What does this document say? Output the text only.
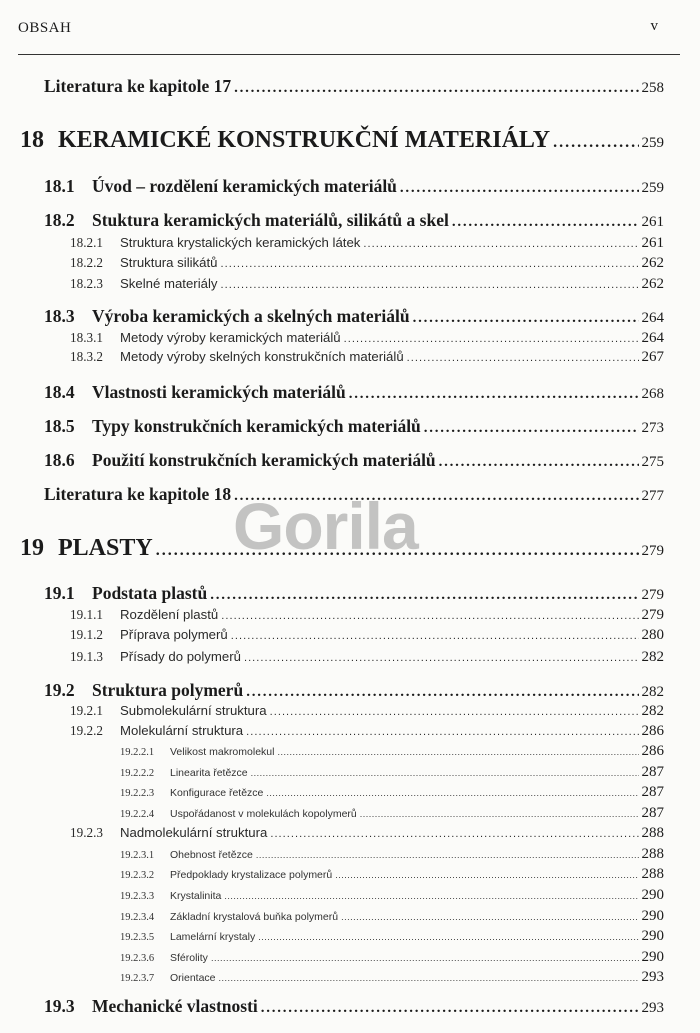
OBSAH	v
Literatura ke kapitole 17 . . .	258
18 KERAMICKÉ KONSTRUKČNÍ MATERIÁLY . . .	259
18.1 Úvod – rozdělení keramických materiálů . . .	259
18.2 Stuktura keramických materiálů, silikátů a skel . . .	261
18.2.1	Struktura krystalických keramických látek . . .	261
18.2.2	Struktura silikátů . . .	262
18.2.3	Skelné materiály . . .	262
18.3 Výroba keramických a skelných materiálů . . .	264
18.3.1	Metody výroby keramických materiálů . . .	264
18.3.2	Metody výroby skelných konstrukčních materiálů . . .	267
18.4 Vlastnosti keramických materiálů . . .	268
18.5 Typy konstrukčních keramických materiálů . . .	273
18.6 Použití konstrukčních keramických materiálů . . .	275
Literatura ke kapitole 18 . . .	277
19 PLASTY . . .	279
19.1 Podstata plastů . . .	279
19.1.1	Rozdělení plastů . . .	279
19.1.2	Příprava polymerů . . .	280
19.1.3	Přísady do polymerů . . .	282
19.2 Struktura polymerů . . .	282
19.2.1	Submolekulární struktura . . .	282
19.2.2	Molekulární struktura . . .	286
19.2.2.1	Velikost makromolekul . . .	286
19.2.2.2	Linearita řetězce . . .	287
19.2.2.3	Konfigurace řetězce . . .	287
19.2.2.4	Uspořádanost v molekulách kopolymerů . . .	287
19.2.3	Nadmolekulární struktura . . .	288
19.2.3.1	Ohebnost řetězce . . .	288
19.2.3.2	Předpoklady krystalizace polymerů . . .	288
19.2.3.3	Krystalinita . . .	290
19.2.3.4	Základní krystalová buňka polymerů . . .	290
19.2.3.5	Lamelární krystaly . . .	290
19.2.3.6	Sférolity . . .	290
19.2.3.7	Orientace . . .	293
19.3 Mechanické vlastnosti . . .	293
Gorila
